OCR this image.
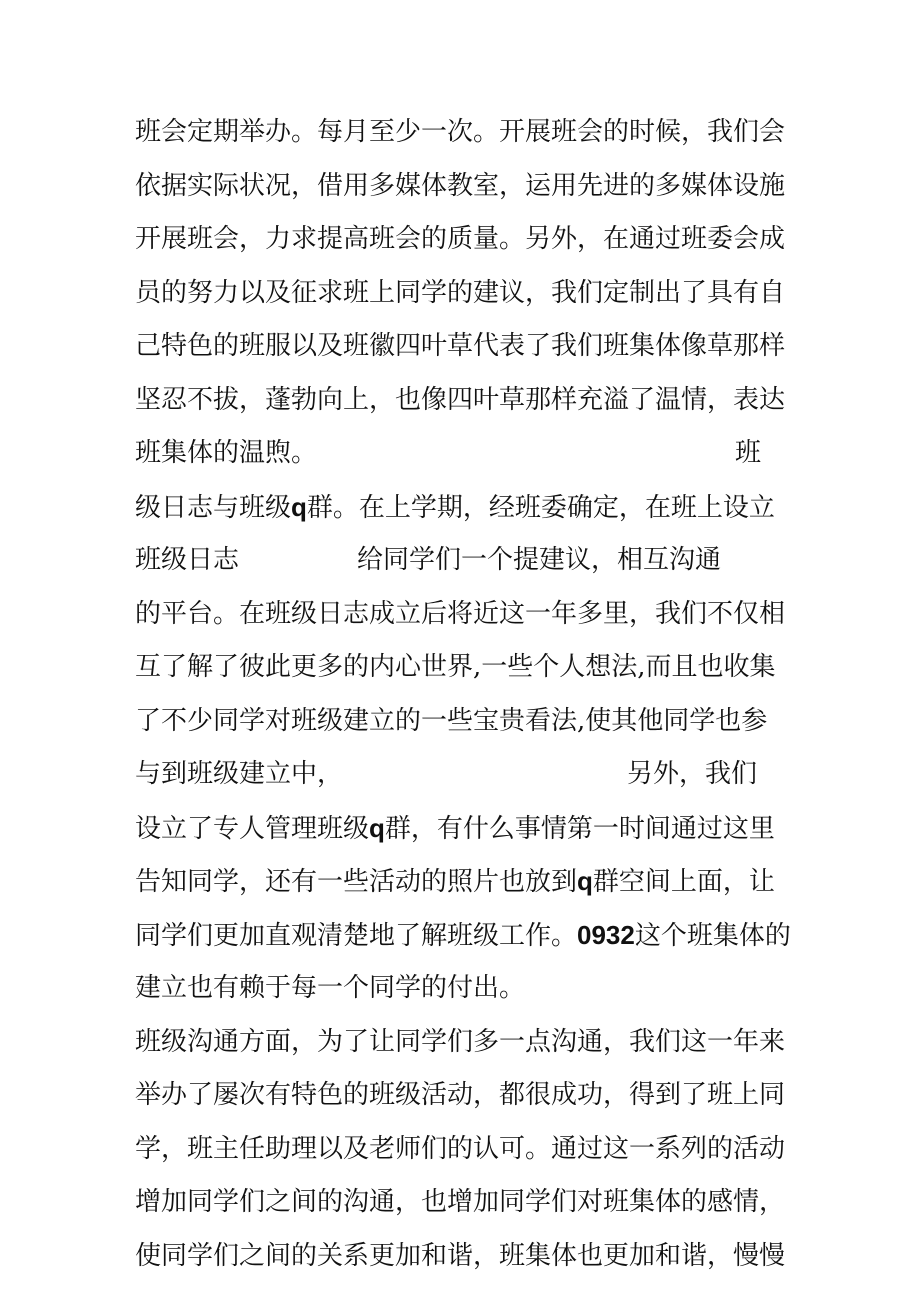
班会定期举办。每月至少一次。开展班会的时候，我们会
依据实际状况，借用多媒体教室，运用先进的多媒体设施
开展班会，力求提高班会的质量。另外，在通过班委会成
员的努力以及征求班上同学的建议，我们定制出了具有自
己特色的班服以及班徽四叶草代表了我们班集体像草那样
坚忍不拔，蓬勃向上，也像四叶草那样充溢了温情，表达
班集体的温煦。	班
级日志与班级q群。在上学期，经班委确定，在班上设立
班级日志	给同学们一个提建议，相互沟通
的平台。在班级日志成立后将近这一年多里，我们不仅相
互了解了彼此更多的内心世界,一些个人想法,而且也收集
了不少同学对班级建立的一些宝贵看法,使其他同学也参
与到班级建立中，	另外，我们
设立了专人管理班级q群，有什么事情第一时间通过这里
告知同学，还有一些活动的照片也放到q群空间上面，让
同学们更加直观清楚地了解班级工作。0932这个班集体的
建立也有赖于每一个同学的付出。
班级沟通方面，为了让同学们多一点沟通，我们这一年来
举办了屡次有特色的班级活动，都很成功，得到了班上同
学，班主任助理以及老师们的认可。通过这一系列的活动
增加同学们之间的沟通，也增加同学们对班集体的感情，
使同学们之间的关系更加和谐，班集体也更加和谐，慢慢
